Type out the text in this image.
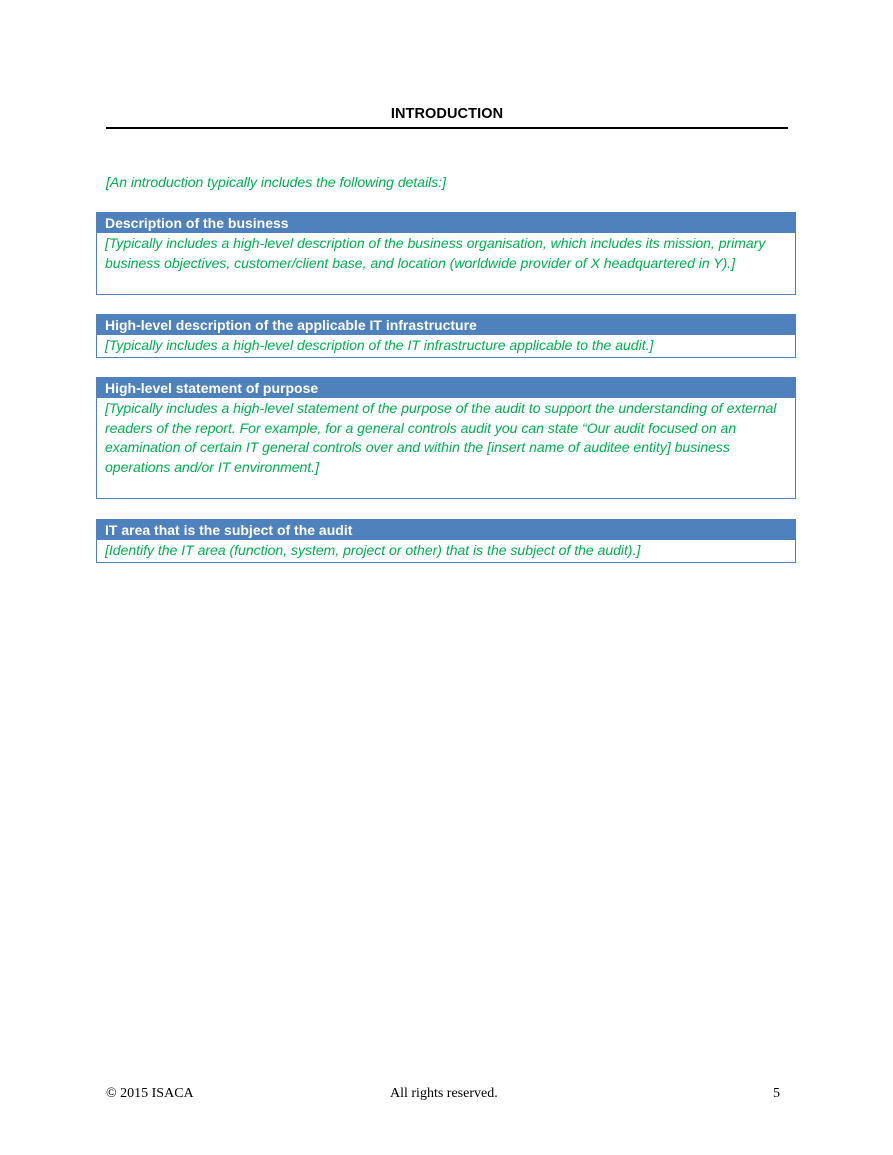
INTRODUCTION
[An introduction typically includes the following details:]
Description of the business
[Typically includes a high-level description of the business organisation, which includes its mission, primary business objectives, customer/client base, and location (worldwide provider of X headquartered in Y).]
High-level description of the applicable IT infrastructure
[Typically includes a high-level description of the IT infrastructure applicable to the audit.]
High-level statement of purpose
[Typically includes a high-level statement of the purpose of the audit to support the understanding of external readers of the report. For example, for a general controls audit you can state “Our audit focused on an examination of certain IT general controls over and within the [insert name of auditee entity] business operations and/or IT environment.]
IT area that is the subject of the audit
[Identify the IT area (function, system, project or other) that is the subject of the audit).]
© 2015 ISACA	All rights reserved.	5
